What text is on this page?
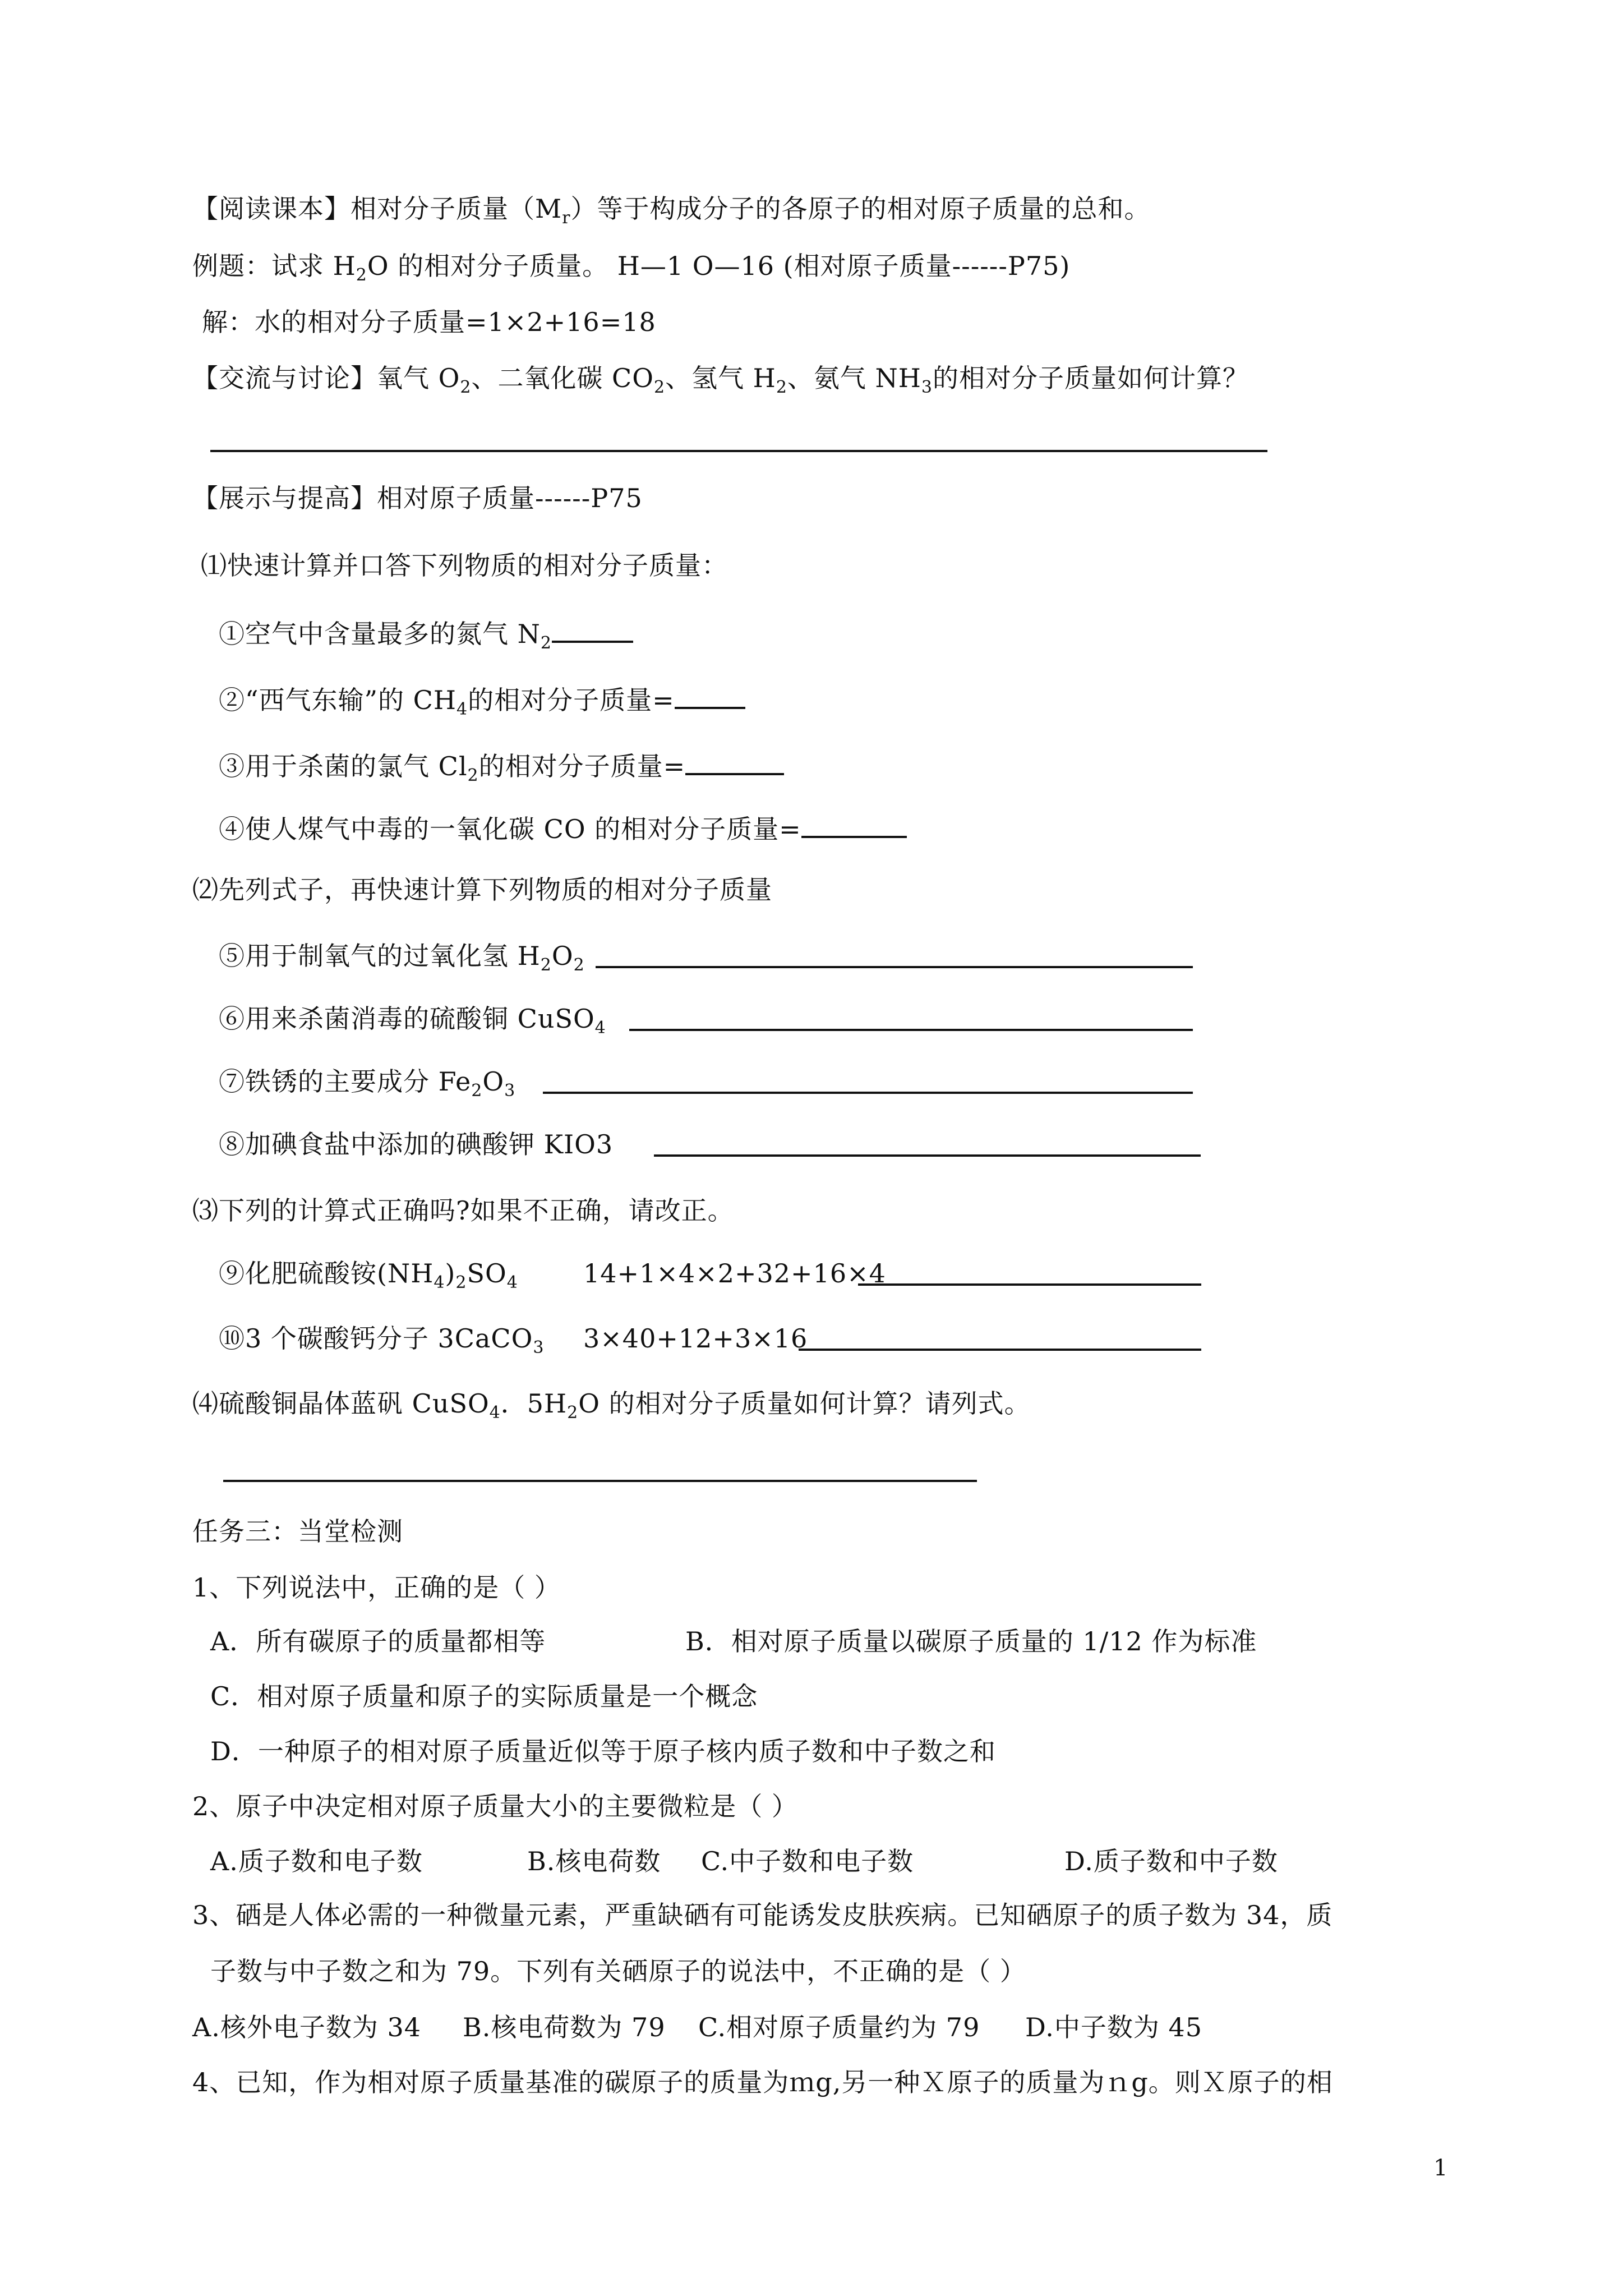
【阅读课本】相对分子质量$(M_r)$等于构成分子的各原子的相对原子质量的总和。
例题：试求 $H_2O$ 的相对分子质量。 H—1 O—16 (相对原子质量------P75)
解：水的相对分子质量=1×2+16=18
【交流与讨论】氧气 $O_2$、二氧化碳 $CO_2$、氢气 $H_2$、氨气 $NH_3$的相对分子质量如何计算？
【展示与提高】相对原子质量------P75
⑴快速计算并口答下列物质的相对分子质量：
①空气中含量最多的氮气 $N_2$
②“西气东输”的 $CH_4$的相对分子质量=
③用于杀菌的氯气 $Cl_2$的相对分子质量=
④使人煤气中毒的一氧化碳 CO 的相对分子质量=
⑵先列式子，再快速计算下列物质的相对分子质量
⑤用于制氧气的过氧化氢 $H_2O_2$
⑥用来杀菌消毒的硫酸铜 CuSO$_4$
⑦铁锈的主要成分 $Fe_2O_3$
⑧加碘食盐中添加的碘酸钾 KIO3
⑶下列的计算式正确吗?如果不正确，请改正。
⑨化肥硫酸铵$(NH_4)_2SO_4$	14+1×4×2+32+16×4
⑩3 个碳酸钙分子 3CaCO$_3$ 3×40+12+3×16
⑷硫酸铜晶体蓝矾 CuSO$_4$．$5H_2O$ 的相对分子质量如何计算？请列式。
任务三：当堂检测
1、下列说法中，正确的是（ ）
A．所有碳原子的质量都相等	B．相对原子质量以碳原子质量的 1/12 作为标准
C．相对原子质量和原子的实际质量是一个概念
D．一种原子的相对原子质量近似等于原子核内质子数和中子数之和
2、原子中决定相对原子质量大小的主要微粒是（ ）
A.质子数和电子数	B.核电荷数 C.中子数和电子数	D.质子数和中子数
3、硒是人体必需的一种微量元素，严重缺硒有可能诱发皮肤疾病。已知硒原子的质子数为 34，质
子数与中子数之和为 79。下列有关硒原子的说法中，不正确的是（ ）
A.核外电子数为 34 B.核电荷数为 79 C.相对原子质量约为 79 D.中子数为 45
4、已知，作为相对原子质量基准的碳原子的质量为ｍg,另一种Ｘ原子的质量为ｎg。则Ｘ原子的相
1
